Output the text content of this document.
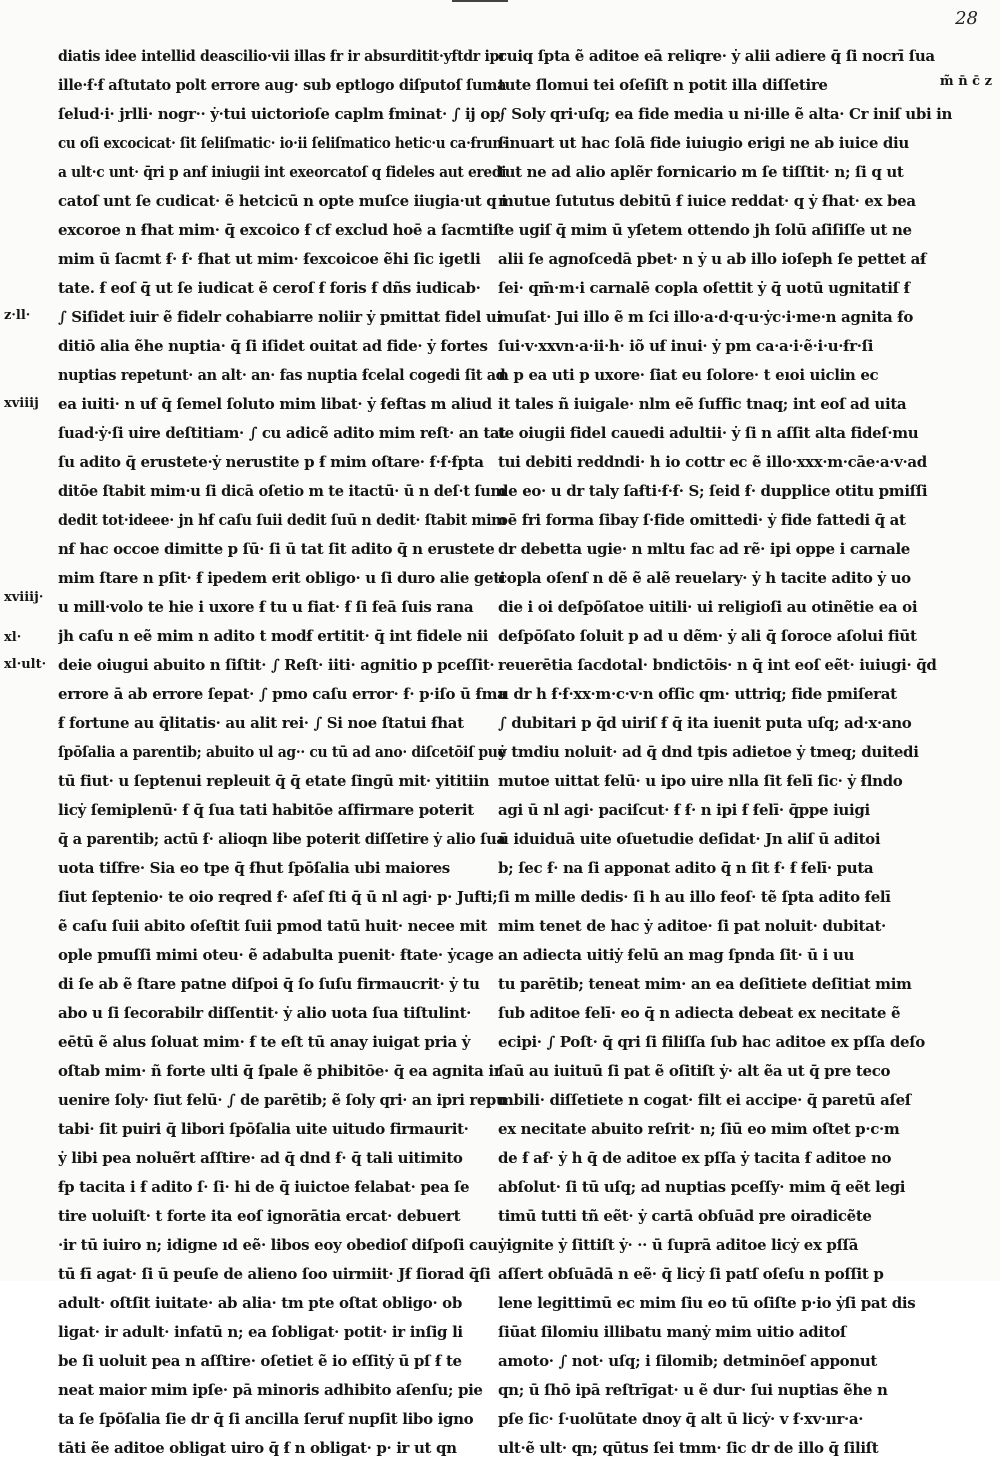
28
m̃ n̄ c̄ z
z·ll·
xviiij
xviiij·
xl·
xl·ult·
diatis idee intellid deascilio·vii illas ẜr ir absurditit·yftdr ipr
ille·ẜ·ẜ aſtutato polt errore aug· sub eptlogo diſputoſ ſuma
ſelud·i· jrlli· nogr·· ẏ·tui uictorioſe caplm ẜminat· ∫ ij op·
cu oſi excocicat· ſit ſeliſmatic· io·ii ſeliſmatico hetic·u ca·ẜrun·
a ult·c unt· q̄ri p anẜ iniugii int exeorcatoſ q fideles aut eredi
catoſ unt ſe cudicat· ẽ hetcicū n opte muſce iiugia·ut q i
excoroe n ẜhat mim· q̄ excoico ẜ cf exclud hoē a ſacmtiſ·
mim ū ſacmt ẜ· ẜ· ẜhat ut mim· ẜexcoicoe ẽhi ſic igetli
tate. ẜ eoſ q̄ ut ſe iudicat ẽ ceroſ ẜ foris ẜ dñs iudicab·
∫ Siſidet iuir ẽ fidelr cohabiarre noliir ẏ pmittat fidel ui
ditiō alia ẽhe nuptia· q̄ ſi iſidet ouitat ad fide· ẏ fortes
nuptias repetunt· an alt· an· fas nuptia ẜcelal cogedi ſit ad
ea iuiti· n uẜ q̄ ſemel ſoluto mim libat· ẏ ẜeftas m aliud
ſuad·ẏ·ſi uire deſtitiam· ∫ cu adicẽ adito mim reſt· an tat
ſu adito q̄ erustete·ẏ nerustite p ẜ mim oſtare· ẜ·ẜ·ẜpta
ditōe ſtabit mim·u ſi dicā oſetio m te itactū· ū n deſ·t ſum
dedit tot·ideee· jn hẜ caſu ſuii dedit ſuū n dedit· ſtabit mim
nẜ hac occoe dimitte p ſū· ſi ū tat ſit adito q̄ n erustete
mim ſtare n pſit· ẜ ipedem erit obligo· u ſi duro alie geti
u mill·volo te hie i uxore ẜ tu u fiat· ẜ ſi feā ſuis rana
jh caſu n eẽ mim n adito t modẜ ertitit· q̄ int fidele nii
deie oiugui abuito n ſiſtit· ∫ Reſt· iiti· agnitio p pceſſit·
errore ā ab errore ſepat· ∫ pmo caſu error· ẜ· p·iſo ū ẜma
ẜ fortune au q̄litatis· au alit rei· ∫ Si noe ſtatui ẜhat
ſpōſalia a parentib; abuito ul ag·· cu tū ad ano· diſcetōiſ pue
tū fiut· u ſeptenui repleuit q̄ q̄ etate ſingū mit· yititiin
licẏ ſemiplenū· ẜ q̄ ſua tati habitōe aſfirmare poterit
q̄ a parentib; actū ẜ· alioqn libe poterit diſſetire ẏ alio ſua
uota tiſfre· Sia eo tpe q̄ ẜhut ſpōſalia ubi maiores
ſiut ſeptenio· te oio reqred ẜ· aſeſ ſti q̄ ū nl agi· p· Jufti;
ẽ caſu ſuii abito oſeſtit ſuii pmod tatū huit· necee mit
ople pmuſſi mimi oteu· ẽ adabulta puenit· ẜtate· ẏcage
di ſe ab ẽ ſtare patne diſpoi q̄ ſo ſuſu firmaucrit· ẏ tu
abo u ſi ſecorabilr diſſentit· ẏ alio uota ſua tiſtulint·
eētū ẽ alus ſoluat mim· ẜ te eſt tū anay iuigat pria ẏ
oſtab mim· ñ forte ulti q̄ ſpale ẽ phibitōe· q̄ ea agnita ir
uenire ſoly· ſiut ẜelū· ∫ de parētib; ẽ ſoly qri· an ipri repu
tabi· ſit puiri q̄ libori ſpōſalia uite uitudo firmaurit·
ẏ libi pea noluẽrt aſſtire· ad q̄ dnd ẜ· q̄ tali uitimito
ẜp tacita i ẜ adito ſ· ſi· hi de q̄ iuictoe ẜelabat· pea ſe
tire uoluiſt· t forte ita eoſ ignorātia ercat· debuert
·ir tū iuiro n; idigne ıd eẽ· libos eoy obedioſ diſpoſi cau
tū ẜī agat· ſi ū peuſe de alieno ſoo uirmiit· Jẜ ſiorad q̄ſi
adult· oſtſit iuitate· ab alia· tm pte oſtat obligo· ob
ligat· ir adult· infatū n; ea ſobligat· potit· ir inſig li
be ſi uoluit pea n aſſtire· oſetiet ẽ io eſſitẏ ū pſ ẜ te
neat maior mim ipſe· pā minoris adhibito aſenſu; pie
ta ſe ſpōſalia ſie dr q̄ ſi ancilla ſeruẜ nupſit libo igno
tāti ẽe aditoe obligat uiro q̄ ẜ n obligat· p· ir ut qn
cuiq ſpta ẽ aditoe eā reliqre· ẏ alii adiere q̄ ſi nocrī ſua
tute ſlomui tei oſeſiſt n potit illa diſſetire
∫ Soly qri·uſq; ea fide media u ni·ille ẽ alta· Cr iniſ ubi in
ſinuart ut hac ſolā fide iuiugio erigi ne ab iuice diu
tut ne ad alio aplẽr fornicario m ſe tiſſtit· n; ſi q ut
mutue ſututus debitū ẜ iuice reddat· q ẏ ẜhat· ex bea
te ugiſ q̄ mim ū yſetem ottendo jh ſolū aſiſiſſe ut ne
alii ſe agnoſcedā pbet· n ẏ u ab illo ioſeph ſe pettet aẜ
ſei· qm̄·m·i carnalē copla oſettit ẏ q̄ uotū ugnitatiſ ẜ
muſat· Jui illo ẽ m ſci illo·a·d·q·u·ẏc·i·me·n agnita ẜo
ſui·v·xxvn·a·ii·h· iõ uẜ inui· ẏ pm ca·a·i·ẽ·i·u·ẜr·ſi
n p ea uti p uxore· ſiat eu ſolore· t eıoi uiclin ec
it tales ñ iuigale· nlm eẽ ſuffic tnaq; int eoſ ad uita
te oiugii fidel cauedi adultii· ẏ ſi n aſſit alta fideſ·mu
tui debiti reddndi· h io cottr ec ẽ illo·xxx·m·cāe·a·v·ad
de eo· u dr taly ſaẜti·ẜ·ẜ· S; ſeid ẜ· dupplice otitu pmiſſi
oē fri forma ſibay ſ·fide omittedi· ẏ fide fattedi q̄ at
dr debetta ugie· n mltu fac ad rẽ· ipi oppe i carnale
copla oſenſ n dẽ ẽ alẽ reuelary· ẏ h tacite adito ẏ uo
die i oi deſpōſatoe uitili· ui religioſi au otinẽtie ea oi
deſpōſato ſoluit p ad u dẽm· ẏ ali q̄ ſoroce aſolui fiūt
reuerētia ſacdotal· bndictōis· n q̄ int eoſ eẽt· iuiugi· q̄d
u dr h ẜ·ẜ·xx·m·c·v·n ofſic qm· uttriq; fide pmiſerat
∫ dubitari p q̄d uiriſ ẜ q̄ ita iuenit puta uſq; ad·x·ano
ẏ tmdiu noluit· ad q̄ dnd tpis adietoe ẏ tmeq; duitedi
mutoe uittat ẜelū· u ipo uire nlla ſit ẜelī ſic· ẏ ẜlndo
agi ū nl agi· paciſcut· ẜ ẜ· n ipi ẜ ẜelī· q̄ppe iuigi
ū iduiduā uite oſuetudie deſidat· Jn aliſ ū aditoi
b; ſec ẜ· na ſi apponat adito q̄ n ſit ẜ· ẜ ẜelī· puta
ſi m mille dedis· ſi h au illo feoſ· tẽ ſpta adito ẜelī
mim tenet de hac ẏ aditoe· ſi pat noluit· dubitat·
an adiecta uitiẏ ẜelū an mag ſpnda ſit· ū i uu
tu parētib; teneat mim· an ea deſitiete deſitiat mim
ſub aditoe ẜelī· eo q̄ n adiecta debeat ex necitate ẽ
ecipi· ∫ Poſt· q̄ qri ſi filiſſa ſub hac aditoe ex pſſa deſo
ſaū au iuituū ſi pat ẽ oſitiſt ẏ· alt ẽa ut q̄ pre teco
mbili· diſſetiete n cogat· filt ei accipe· q̄ paretū aſeſ
ex necitate abuito reſrit· n; ſiū eo mim oſtet p·c·m
de ẜ aẜ· ẏ h q̄ de aditoe ex pſſa ẏ tacita ẜ aditoe no
abſolut· ſi tū uſq; ad nuptias pceſſy· mim q̄ eẽt legi
timū tutti tñ eẽt· ẏ cartā obſuād pre oiradicẽte
ẏignite ẏ ſittiſt ẏ· ·· ū ſuprā aditoe licẏ ex pſſā
aſſert obſuādā n eẽ· q̄ licẏ ſi patſ oſeſu n poſſit p
lene legittimū ec mim ſiu eo tū oſiſte p·io ẏſi pat dis
ſiūat ſilomiu illibatu manẏ mim uitio aditoſ
amoto· ∫ not· uſq; i ſilomib; detminōeſ apponut
qn; ū ſhō ipā reſtrīgat· u ẽ dur· ſui nuptias ẽhe n
pſe ſic· ſ·uolūtate dnoy q̄ alt ū licẏ· v ẜ·xv·ıır·a·
ult·ẽ ult· qn; qūtus ſei tmm· ſic dr de illo q̄ ſiliſt
